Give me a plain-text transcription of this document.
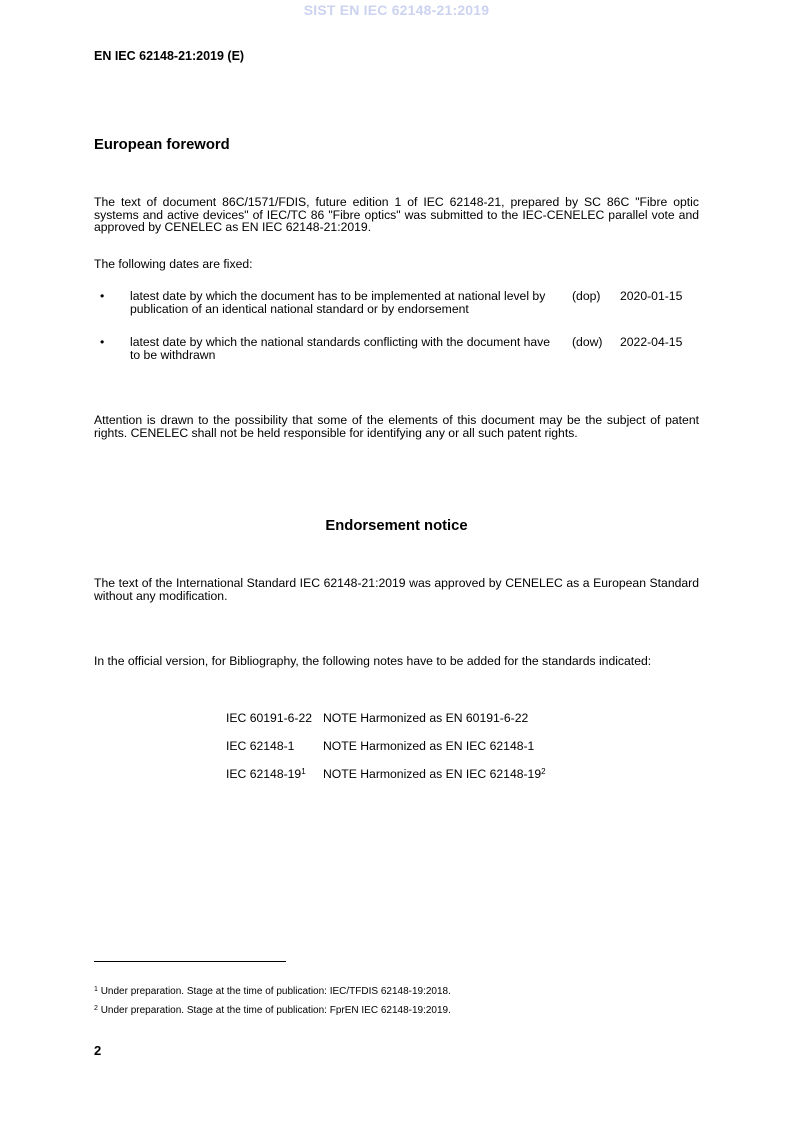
SIST EN IEC 62148-21:2019
EN IEC 62148-21:2019 (E)
European foreword
The text of document 86C/1571/FDIS, future edition 1 of IEC 62148-21, prepared by SC 86C "Fibre optic systems and active devices" of IEC/TC 86 "Fibre optics" was submitted to the IEC-CENELEC parallel vote and approved by CENELEC as EN IEC 62148-21:2019.
The following dates are fixed:
• latest date by which the document has to be implemented at national level by publication of an identical national standard or by endorsement
(dop) 2020-01-15
• latest date by which the national standards conflicting with the document have to be withdrawn
(dow) 2022-04-15
Attention is drawn to the possibility that some of the elements of this document may be the subject of patent rights. CENELEC shall not be held responsible for identifying any or all such patent rights.
Endorsement notice
The text of the International Standard IEC 62148-21:2019 was approved by CENELEC as a European Standard without any modification.
In the official version, for Bibliography, the following notes have to be added for the standards indicated:
IEC 60191-6-22 NOTE Harmonized as EN 60191-6-22
IEC 62148-1 NOTE Harmonized as EN IEC 62148-1
IEC $62148-19^1$ NOTE Harmonized as EN IEC $62148-19^2$
$^1$ Under preparation. Stage at the time of publication: IEC/TFDIS 62148-19:2018.
$^2$ Under preparation. Stage at the time of publication: FprEN IEC 62148-19:2019.
2
